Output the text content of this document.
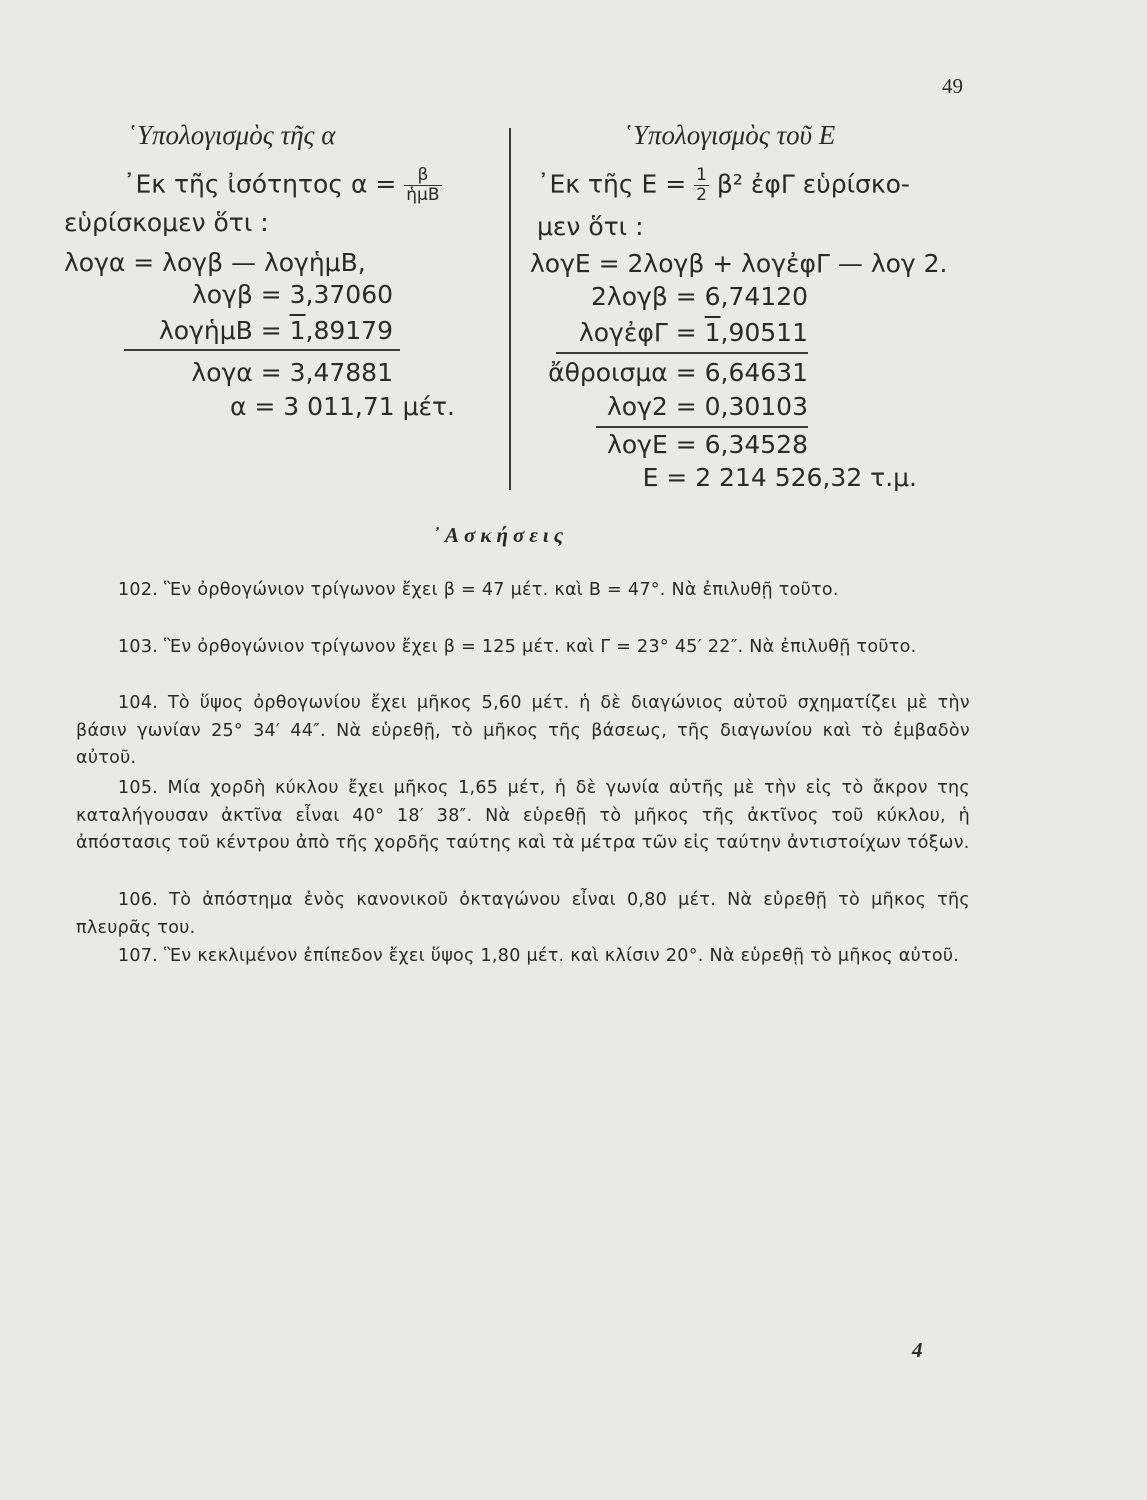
49
῾Υπολογισμὸς τῆς α
᾿Εκ τῆς ἰσότητος $\alpha = \frac{\beta}{\text{ἡμΒ}}$
εὑρίσκομεν ὅτι :
λογα = λογβ — λογἡμΒ,
λογβ = 3,37060
λογἡμΒ = 1,89179
λογα = 3,47881
α = 3 011,71 μέτ.
῾Υπολογισμὸς τοῦ Ε
᾿Εκ τῆς $E = \frac{1}{2} \beta^2$ ἐφΓ εὑρίσκο-
μεν ὅτι :
λογΕ = 2λογβ + λογἐφΓ — λογ 2.
2λογβ = 6,74120
λογἐφΓ = 1,90511
ἄθροισμα = 6,64631
λογ2 = 0,30103
λογΕ = 6,34528
Ε = 2 214 526,32 τ.μ.
᾿Ασκήσεις
102. Ἓν ὀρθογώνιον τρίγωνον ἔχει β = 47 μέτ. καὶ Β = 47°. Νὰ ἐπιλυθῇ τοῦτο.
103. Ἓν ὀρθογώνιον τρίγωνον ἔχει β = 125 μέτ. καὶ Γ = 23° 45′ 22″. Νὰ ἐπιλυθῇ τοῦτο.
104. Τὸ ὕψος ὀρθογωνίου ἔχει μῆκος 5,60 μέτ. ἡ δὲ διαγώνιος αὐτοῦ σχηματίζει μὲ τὴν βάσιν γωνίαν 25° 34′ 44″. Νὰ εὑρεθῇ, τὸ μῆκος τῆς βάσεως, τῆς διαγωνίου καὶ τὸ ἐμβαδὸν αὐτοῦ.
105. Μία χορδὴ κύκλου ἔχει μῆκος 1,65 μέτ, ἡ δὲ γωνία αὐτῆς μὲ τὴν εἰς τὸ ἄκρον της καταλήγουσαν ἀκτῖνα εἶναι 40° 18′ 38″. Νὰ εὑρεθῇ τὸ μῆκος τῆς ἀκτῖνος τοῦ κύκλου, ἡ ἀπόστασις τοῦ κέντρου ἀπὸ τῆς χορδῆς ταύτης καὶ τὰ μέτρα τῶν εἰς ταύτην ἀντιστοίχων τόξων.
106. Τὸ ἀπόστημα ἑνὸς κανονικοῦ ὀκταγώνου εἶναι 0,80 μέτ. Νὰ εὑρεθῇ τὸ μῆκος τῆς πλευρᾶς του.
107. Ἓν κεκλιμένον ἐπίπεδον ἔχει ὕψος 1,80 μέτ. καὶ κλίσιν 20°. Νὰ εὑρεθῇ τὸ μῆκος αὐτοῦ.
4
